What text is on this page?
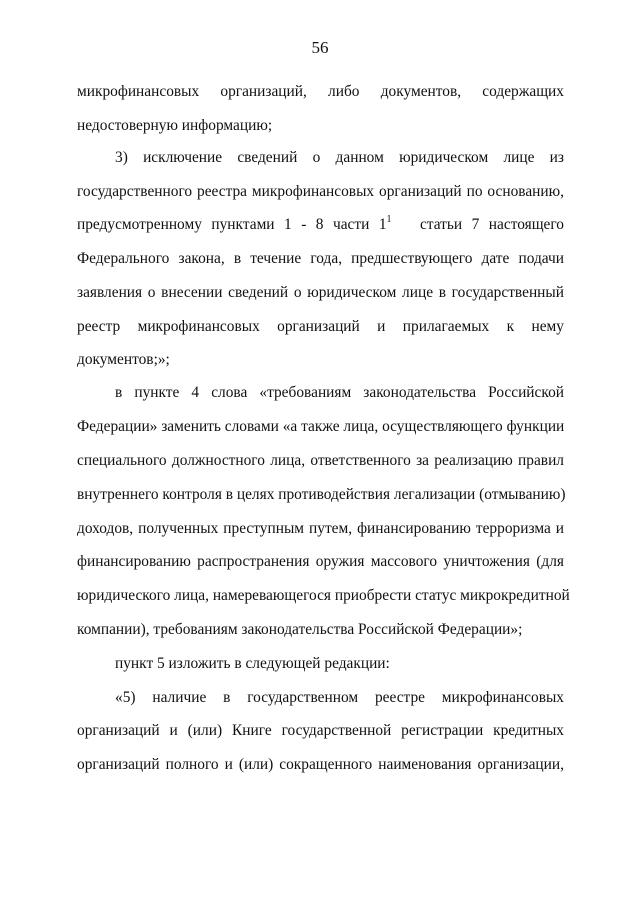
56
микрофинансовых организаций, либо документов, содержащих
недостоверную информацию;
3) исключение сведений о данном юридическом лице из
государственного реестра микрофинансовых организаций по основанию,
предусмотренному пунктами 1 - 8 части $1^1$ статьи 7 настоящего
Федерального закона, в течение года, предшествующего дате подачи
заявления о внесении сведений о юридическом лице в государственный
реестр микрофинансовых организаций и прилагаемых к нему
документов;»;
в пункте 4 слова «требованиям законодательства Российской
Федерации» заменить словами «а также лица, осуществляющего функции
специального должностного лица, ответственного за реализацию правил
внутреннего контроля в целях противодействия легализации (отмыванию)
доходов, полученных преступным путем, финансированию терроризма и
финансированию распространения оружия массового уничтожения (для
юридического лица, намеревающегося приобрести статус микрокредитной
компании), требованиям законодательства Российской Федерации»;
пункт 5 изложить в следующей редакции:
«5) наличие в государственном реестре микрофинансовых
организаций и (или) Книге государственной регистрации кредитных
организаций полного и (или) сокращенного наименования организации,
